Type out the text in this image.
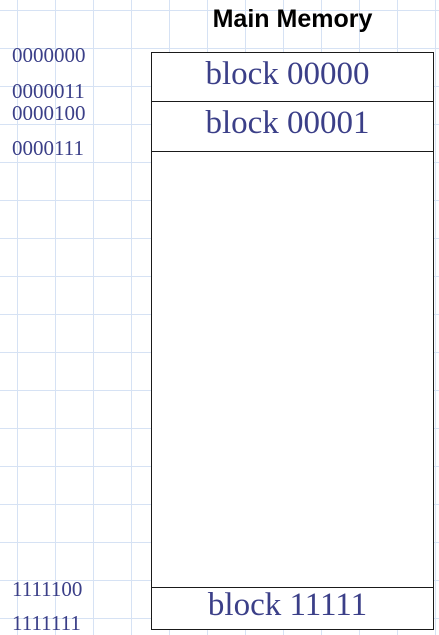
Main Memory
0000000
0000011
0000100
0000111
1111100
1111111
block 00000
block 00001
block 11111
